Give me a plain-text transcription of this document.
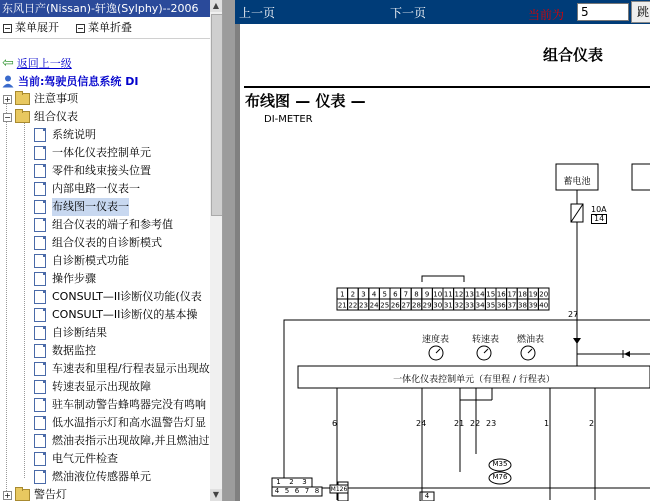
东风日产(Nissan)-轩逸(Sylphy)--2006
菜单展开	菜单折叠
⇦ 返回上一级
当前:驾驶员信息系统 DI
+ 注意事项
− 组合仪表
系统说明
一体化仪表控制单元
零件和线束接头位置
内部电路一仪表一
布线图一仪表一
组合仪表的端子和参考值
组合仪表的自诊断模式
自诊断模式功能
操作步骤
CONSULT—II诊断仪功能(仪表
CONSULT—II诊断仪的基本操
自诊断结果
数据监控
车速表和里程/行程表显示出现故
转速表显示出现故障
驻车制动警告蜂鸣器完没有鸣响
低水温指示灯和高水温警告灯显
燃油表指示出现故障,并且燃油过
电气元件检查
燃油液位传感器单元
+ 警告灯
▲
▼
上一页	下一页	当前为
5	跳
组合仪表
布线图 — 仪表 —
DI-METER
1 2 3 4 5 6 7 8 9 10 11 12 13 14 15 16 17 18 19 20
21 22 23 24 25 26 27 28 29 30 31 32 33 34 35 36 37 38 39 40
蓄电池
10A
14
27
速度表	转速表 燃油表
一体化仪表控制单元（有里程 / 行程表）
6	24	21 22 23	1	2
M35
M76
M126
1	2	3
4 5 6 7 8
4
